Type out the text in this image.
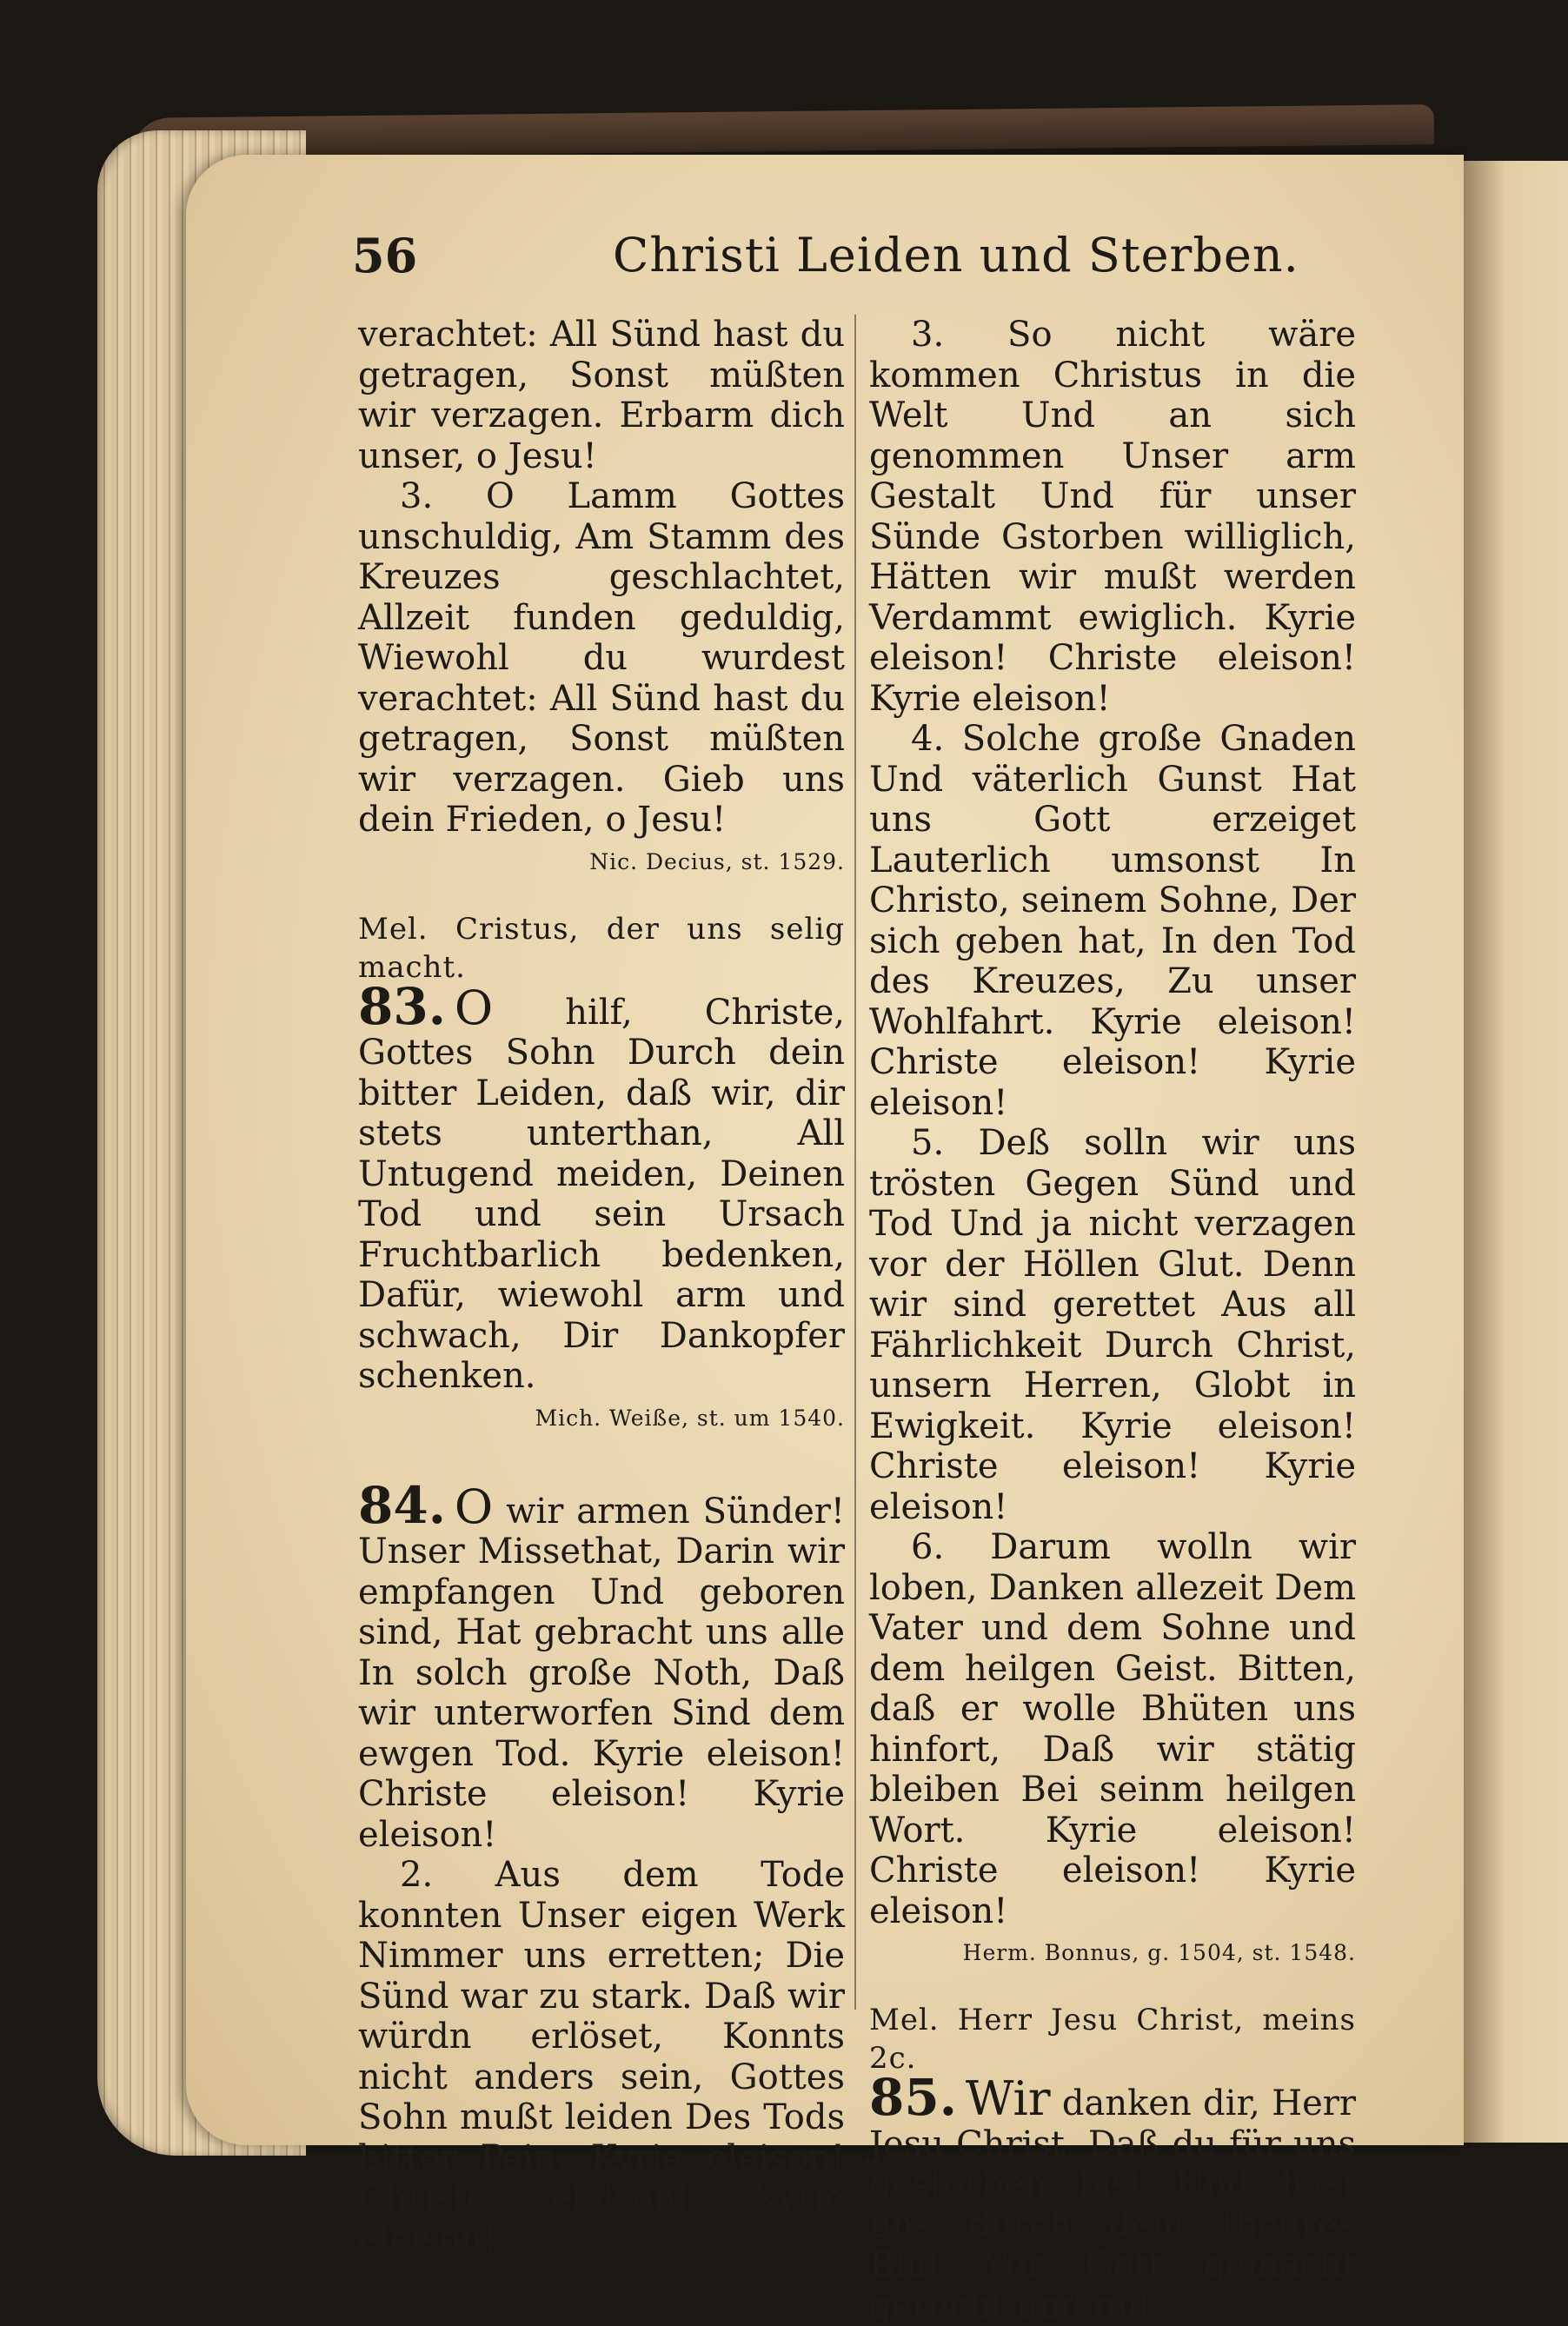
56	Christi Leiden und Sterben.

verachtet: All Sünd hast du getragen, Sonst müßten wir verzagen. Erbarm dich unser, o Jesu!

3. O Lamm Gottes unschuldig, Am Stamm des Kreuzes geschlachtet, Allzeit funden geduldig, Wiewohl du wurdest verachtet: All Sünd hast du getragen, Sonst müßten wir verzagen. Gieb uns dein Frieden, o Jesu!

Nic. Decius, st. 1529.

Mel. Cristus, der uns selig macht.

83. O hilf, Christe, Gottes Sohn Durch dein bitter Leiden, daß wir, dir stets unterthan, All Untugend meiden, Deinen Tod und sein Ursach Fruchtbarlich bedenken, Dafür, wiewohl arm und schwach, Dir Dankopfer schenken.

Mich. Weiße, st. um 1540.

84. O wir armen Sünder! Unser Missethat, Darin wir empfangen Und geboren sind, Hat gebracht uns alle In solch große Noth, Daß wir unterworfen Sind dem ewgen Tod. Kyrie eleison! Christe eleison! Kyrie eleison!

2. Aus dem Tode konnten Unser eigen Werk Nimmer uns erretten; Die Sünd war zu stark. Daß wir würdn erlöset, Konnts nicht anders sein, Gottes Sohn mußt leiden Des Tods bitter Pein. Kyrie eleison! Christe eleison! Kyrie eleison!

3. So nicht wäre kommen Christus in die Welt Und an sich genommen Unser arm Gestalt Und für unser Sünde Gstorben williglich, Hätten wir mußt werden Verdammt ewiglich. Kyrie eleison! Christe eleison! Kyrie eleison!

4. Solche große Gnaden Und väterlich Gunst Hat uns Gott erzeiget Lauterlich umsonst In Christo, seinem Sohne, Der sich geben hat, In den Tod des Kreuzes, Zu unser Wohlfahrt. Kyrie eleison! Christe eleison! Kyrie eleison!

5. Deß solln wir uns trösten Gegen Sünd und Tod Und ja nicht verzagen vor der Höllen Glut. Denn wir sind gerettet Aus all Fährlichkeit Durch Christ, unsern Herren, Globt in Ewigkeit. Kyrie eleison! Christe eleison! Kyrie eleison!

6. Darum wolln wir loben, Danken allezeit Dem Vater und dem Sohne und dem heilgen Geist. Bitten, daß er wolle Bhüten uns hinfort, Daß wir stätig bleiben Bei seinm heilgen Wort. Kyrie eleison! Christe eleison! Kyrie eleison!

Herm. Bonnus, g. 1504, st. 1548.

Mel. Herr Jesu Christ, meins 2c.

85. Wir danken dir, Herr Jesu Christ, Daß du für uns gestorben bist Und hast uns durch dein theures Blut Vor Gott gemacht gerecht und gut.
